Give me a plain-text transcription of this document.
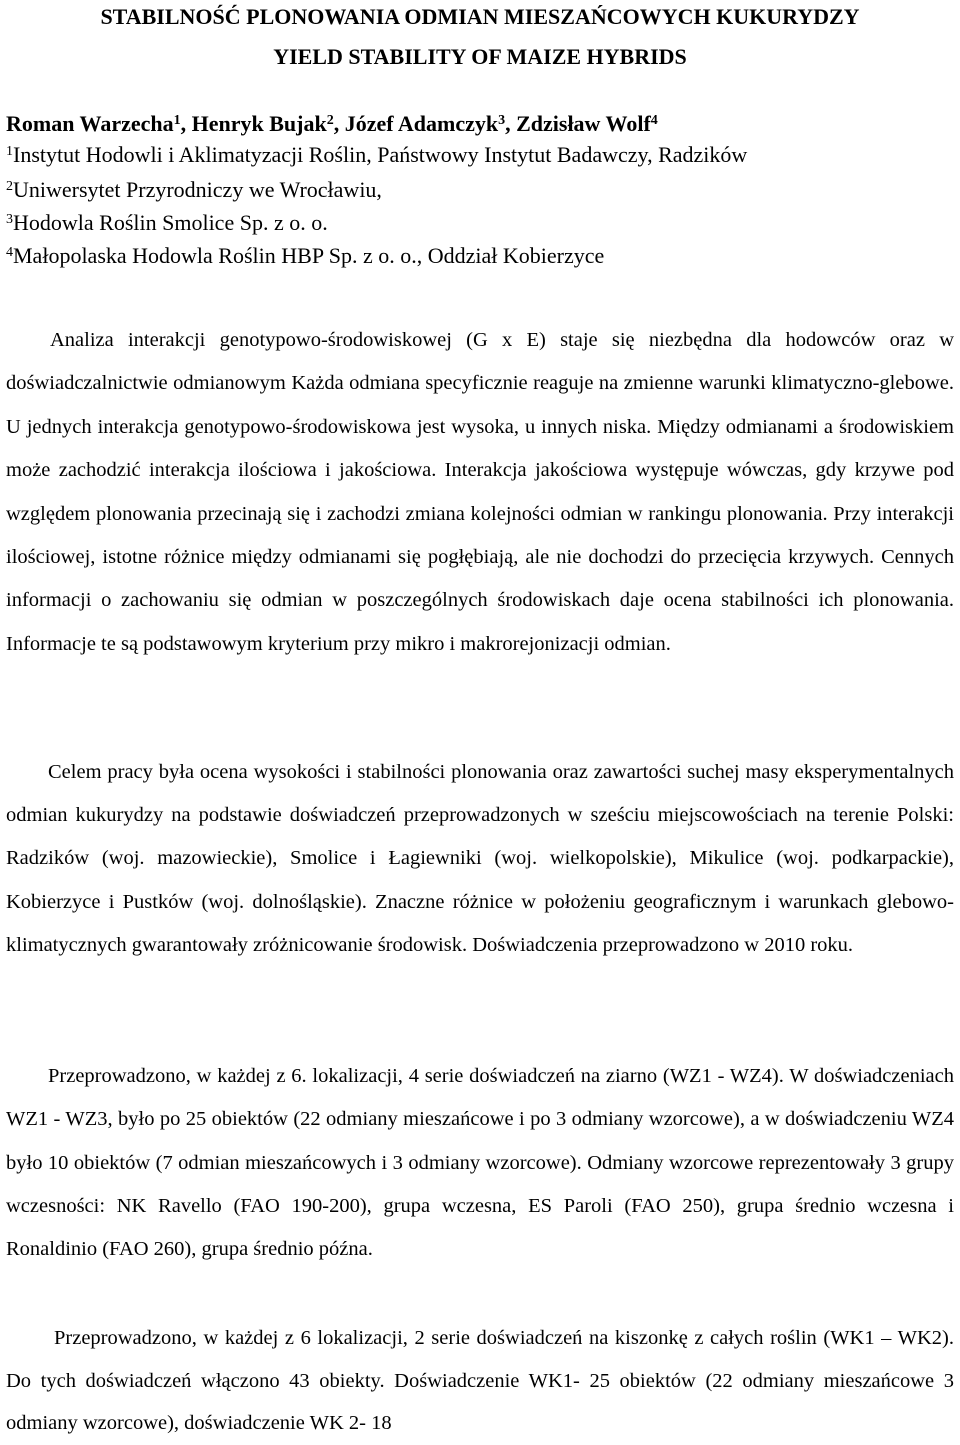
STABILNOŚĆ PLONOWANIA ODMIAN MIESZAŃCOWYCH KUKURYDZY
YIELD STABILITY OF MAIZE HYBRIDS

Roman Warzecha$^1$, Henryk Bujak$^2$, Józef Adamczyk$^3$, Zdzisław Wolf$^4$

$^1$Instytut Hodowli i Aklimatyzacji Roślin, Państwowy Instytut Badawczy, Radzików

$^2$Uniwersytet Przyrodniczy we Wrocławiu,

$^3$Hodowla Roślin Smolice Sp. z o. o.

$^4$Małopolaska Hodowla Roślin HBP Sp. z o. o., Oddział Kobierzyce

Analiza interakcji genotypowo-środowiskowej (G x E) staje się niezbędna dla hodowców oraz w doświadczalnictwie odmianowym Każda odmiana specyficznie reaguje na zmienne warunki klimatyczno-glebowe. U jednych interakcja genotypowo-środowiskowa jest wysoka, u innych niska. Między odmianami a środowiskiem może zachodzić interakcja ilościowa i jakościowa. Interakcja jakościowa występuje wówczas, gdy krzywe pod względem plonowania przecinają się i zachodzi zmiana kolejności odmian w rankingu plonowania. Przy interakcji ilościowej, istotne różnice między odmianami się pogłębiają, ale nie dochodzi do przecięcia krzywych. Cennych informacji o zachowaniu się odmian w poszczególnych środowiskach daje ocena stabilności ich plonowania. Informacje te są podstawowym kryterium przy mikro i makrorejonizacji odmian.

Celem pracy była ocena wysokości i stabilności plonowania oraz zawartości suchej masy eksperymentalnych odmian kukurydzy na podstawie doświadczeń przeprowadzonych w sześciu miejscowościach na terenie Polski: Radzików (woj. mazowieckie), Smolice i Łagiewniki (woj. wielkopolskie), Mikulice (woj. podkarpackie), Kobierzyce i Pustków (woj. dolnośląskie). Znaczne różnice w położeniu geograficznym i warunkach glebowo-klimatycznych gwarantowały zróżnicowanie środowisk. Doświadczenia przeprowadzono w 2010 roku.

Przeprowadzono, w każdej z 6. lokalizacji, 4 serie doświadczeń na ziarno (WZ1 - WZ4). W doświadczeniach WZ1 - WZ3, było po 25 obiektów (22 odmiany mieszańcowe i po 3 odmiany wzorcowe), a w doświadczeniu WZ4 było 10 obiektów (7 odmian mieszańcowych i 3 odmiany wzorcowe). Odmiany wzorcowe reprezentowały 3 grupy wczesności: NK Ravello (FAO 190-200), grupa wczesna, ES Paroli (FAO 250), grupa średnio wczesna i Ronaldinio (FAO 260), grupa średnio późna.

Przeprowadzono, w każdej z 6 lokalizacji, 2 serie doświadczeń na kiszonkę z całych roślin (WK1 – WK2). Do tych doświadczeń włączono 43 obiekty. Doświadczenie WK1- 25 obiektów (22 odmiany mieszańcowe 3 odmiany wzorcowe), doświadczenie WK 2- 18
